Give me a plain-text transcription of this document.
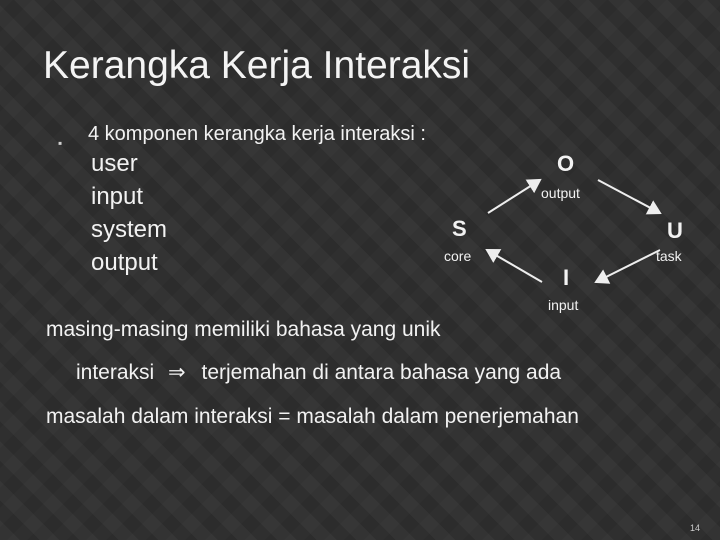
Kerangka Kerja Interaksi
▪ 4 komponen kerangka kerja interaksi :
user
input
system
output
O
output
S
core
U
task
I
input
masing-masing memiliki bahasa yang unik
interaksi ⇒ terjemahan di antara bahasa yang ada
masalah dalam interaksi = masalah dalam penerjemahan
14
